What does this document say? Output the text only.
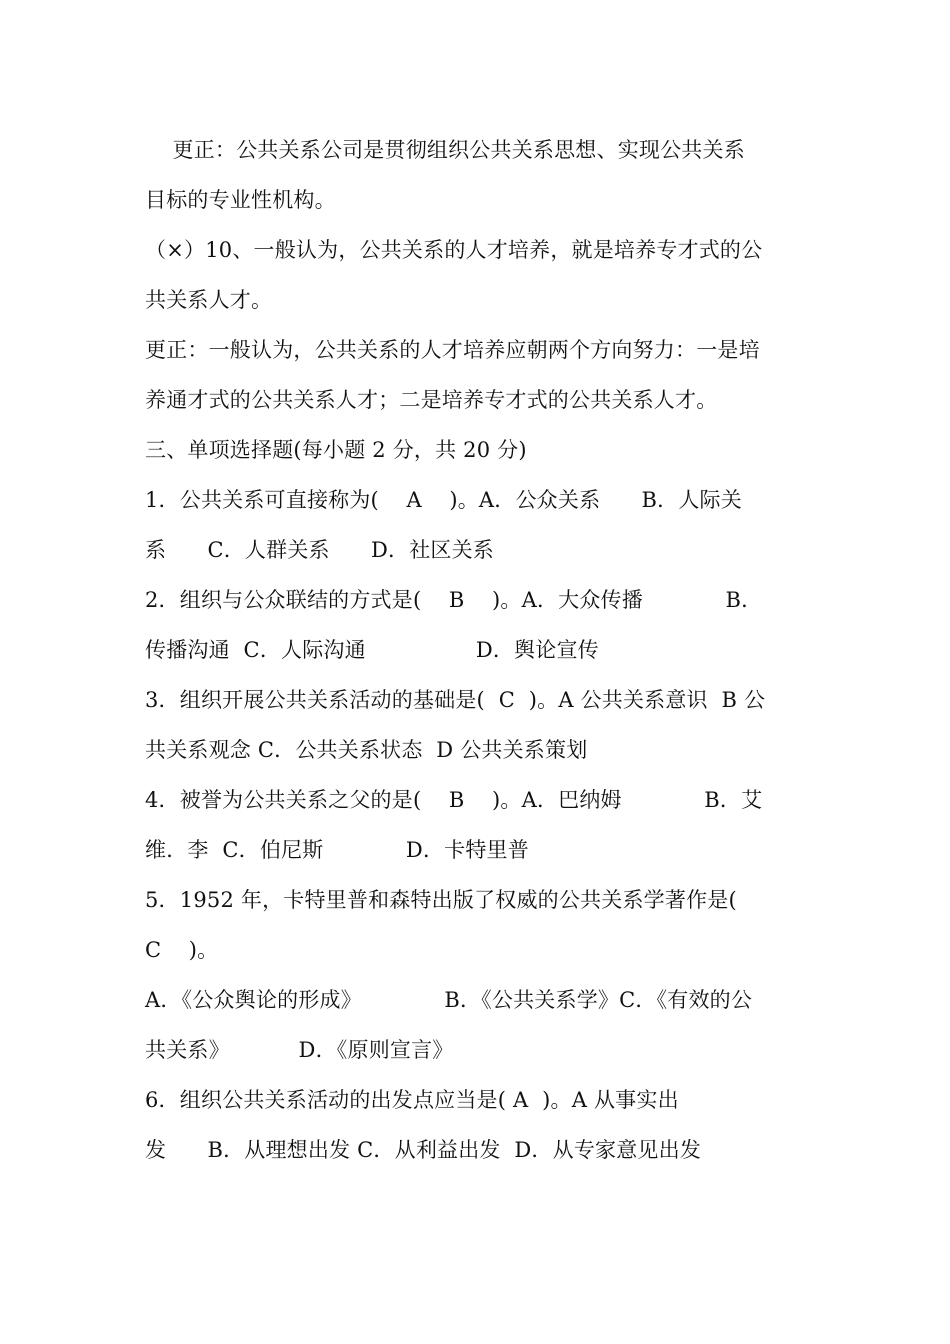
更正：公共关系公司是贯彻组织公共关系思想、实现公共关系
目标的专业性机构。
（×）10、一般认为，公共关系的人才培养，就是培养专才式的公
共关系人才。
更正：一般认为，公共关系的人才培养应朝两个方向努力：一是培
养通才式的公共关系人才；二是培养专才式的公共关系人才。
三、单项选择题(每小题 2 分，共 20 分)
1．公共关系可直接称为(    A    )。A．公众关系      B．人际关
系      C．人群关系      D．社区关系
2．组织与公众联结的方式是(    B    )。A．大众传播            B．
传播沟通  C．人际沟通                D．舆论宣传
3．组织开展公共关系活动的基础是(  C  )。A 公共关系意识  B 公
共关系观念 C．公共关系状态  D 公共关系策划
4．被誉为公共关系之父的是(    B    )。A．巴纳姆            B．艾
维．李  C．伯尼斯            D．卡特里普
5．1952 年，卡特里普和森特出版了权威的公共关系学著作是(
C    )。
A．《公众舆论的形成》            B．《公共关系学》C．《有效的公
共关系》          D．《原则宣言》
6．组织公共关系活动的出发点应当是( A  )。A 从事实出
发      B．从理想出发 C．从利益出发  D．从专家意见出发
